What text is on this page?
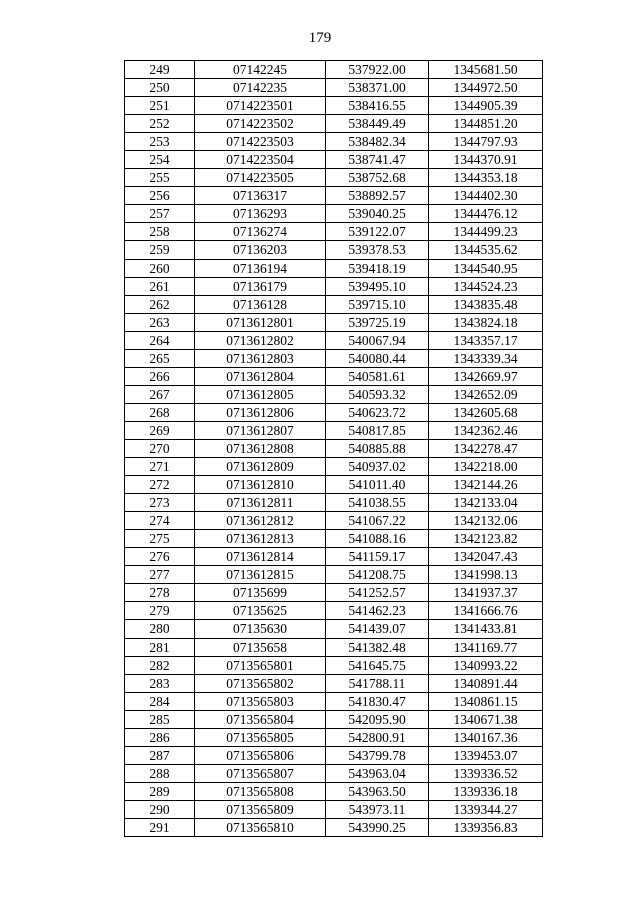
179
249	07142245	537922.00	1345681.50
250	07142235	538371.00	1344972.50
251	0714223501	538416.55	1344905.39
252	0714223502	538449.49	1344851.20
253	0714223503	538482.34	1344797.93
254	0714223504	538741.47	1344370.91
255	0714223505	538752.68	1344353.18
256	07136317	538892.57	1344402.30
257	07136293	539040.25	1344476.12
258	07136274	539122.07	1344499.23
259	07136203	539378.53	1344535.62
260	07136194	539418.19	1344540.95
261	07136179	539495.10	1344524.23
262	07136128	539715.10	1343835.48
263	0713612801	539725.19	1343824.18
264	0713612802	540067.94	1343357.17
265	0713612803	540080.44	1343339.34
266	0713612804	540581.61	1342669.97
267	0713612805	540593.32	1342652.09
268	0713612806	540623.72	1342605.68
269	0713612807	540817.85	1342362.46
270	0713612808	540885.88	1342278.47
271	0713612809	540937.02	1342218.00
272	0713612810	541011.40	1342144.26
273	0713612811	541038.55	1342133.04
274	0713612812	541067.22	1342132.06
275	0713612813	541088.16	1342123.82
276	0713612814	541159.17	1342047.43
277	0713612815	541208.75	1341998.13
278	07135699	541252.57	1341937.37
279	07135625	541462.23	1341666.76
280	07135630	541439.07	1341433.81
281	07135658	541382.48	1341169.77
282	0713565801	541645.75	1340993.22
283	0713565802	541788.11	1340891.44
284	0713565803	541830.47	1340861.15
285	0713565804	542095.90	1340671.38
286	0713565805	542800.91	1340167.36
287	0713565806	543799.78	1339453.07
288	0713565807	543963.04	1339336.52
289	0713565808	543963.50	1339336.18
290	0713565809	543973.11	1339344.27
291	0713565810	543990.25	1339356.83
